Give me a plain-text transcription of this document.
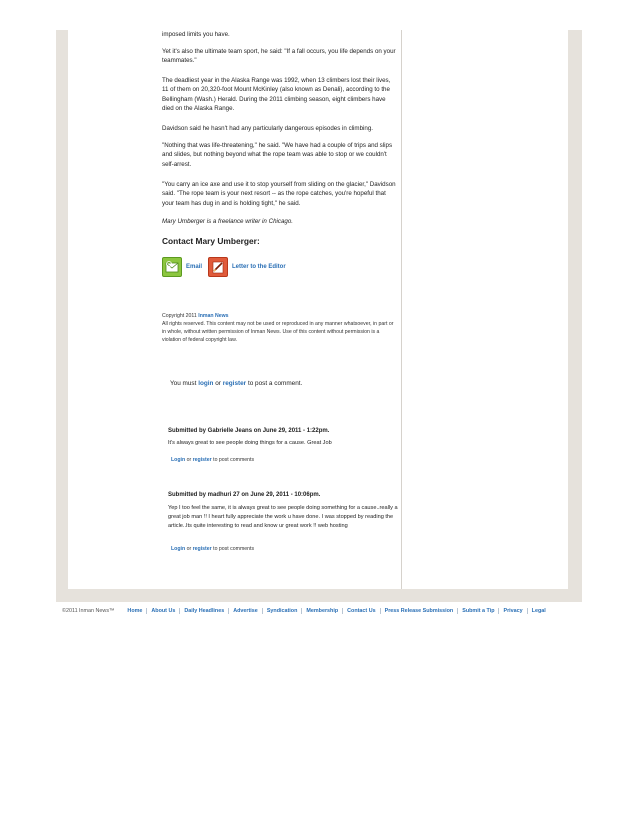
imposed limits you have.

Yet it's also the ultimate team sport, he said: "If a fall occurs, you life depends on your teammates."

The deadliest year in the Alaska Range was 1992, when 13 climbers lost their lives, 11 of them on 20,320-foot Mount McKinley (also known as Denali), according to the Bellingham (Wash.) Herald. During the 2011 climbing season, eight climbers have died on the Alaska Range.

Davidson said he hasn't had any particularly dangerous episodes in climbing.

"Nothing that was life-threatening," he said. "We have had a couple of trips and slips and slides, but nothing beyond what the rope team was able to stop or we couldn't self-arrest.

"You carry an ice axe and use it to stop yourself from sliding on the glacier," Davidson said. "The rope team is your next resort -- as the rope catches, you're hopeful that your team has dug in and is holding tight," he said.

Mary Umberger is a freelance writer in Chicago.

Contact Mary Umberger:
Email	Letter to the Editor
Copyright 2011 Inman News
All rights reserved. This content may not be used or reproduced in any manner whatsoever, in part or in whole, without written permission of Inman News. Use of this content without permission is a violation of federal copyright law.
You must login or register to post a comment.
Submitted by Gabrielle Jeans on June 29, 2011 - 1:22pm.
It's always great to see people doing things for a cause. Great Job
Login or register to post comments
Submitted by madhuri 27 on June 29, 2011 - 10:06pm.
Yep I too feel the same, it is always great to see people doing something for a cause..really a great job man !! I heart fully appreciate the work u have done. I was stopped by reading the article..Its quite interesting to read and know ur great work !! web hosting
Login or register to post comments
©2011 Inman News™ Home	About Us	Daily Headlines	Advertise	Syndication	Membership	Contact Us	Press Release Submission	Submit a Tip	Privacy	Legal
